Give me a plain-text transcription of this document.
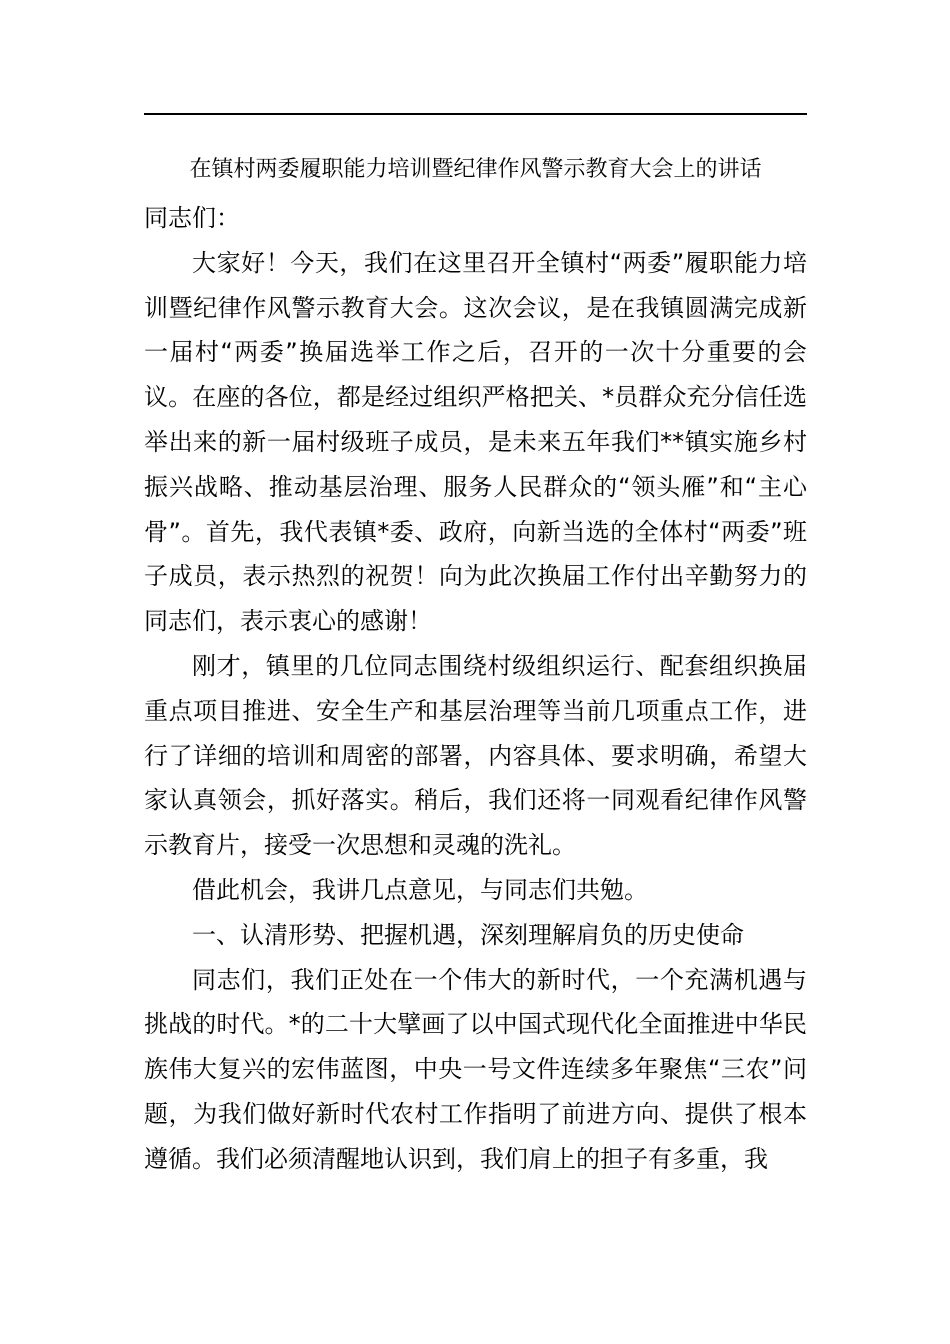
在镇村两委履职能力培训暨纪律作风警示教育大会上的讲话

同志们：

大家好！今天，我们在这里召开全镇村“两委”履职能力培训暨纪律作风警示教育大会。这次会议，是在我镇圆满完成新一届村“两委”换届选举工作之后，召开的一次十分重要的会议。在座的各位，都是经过组织严格把关、*员群众充分信任选举出来的新一届村级班子成员，是未来五年我们**镇实施乡村振兴战略、推动基层治理、服务人民群众的“领头雁”和“主心骨”。首先，我代表镇*委、政府，向新当选的全体村“两委”班子成员，表示热烈的祝贺！向为此次换届工作付出辛勤努力的同志们，表示衷心的感谢！

刚才，镇里的几位同志围绕村级组织运行、配套组织换届重点项目推进、安全生产和基层治理等当前几项重点工作，进行了详细的培训和周密的部署，内容具体、要求明确，希望大家认真领会，抓好落实。稍后，我们还将一同观看纪律作风警示教育片，接受一次思想和灵魂的洗礼。

借此机会，我讲几点意见，与同志们共勉。

一、认清形势、把握机遇，深刻理解肩负的历史使命

同志们，我们正处在一个伟大的新时代，一个充满机遇与挑战的时代。*的二十大擘画了以中国式现代化全面推进中华民族伟大复兴的宏伟蓝图，中央一号文件连续多年聚焦“三农”问题，为我们做好新时代农村工作指明了前进方向、提供了根本遵循。我们必须清醒地认识到，我们肩上的担子有多重，我
